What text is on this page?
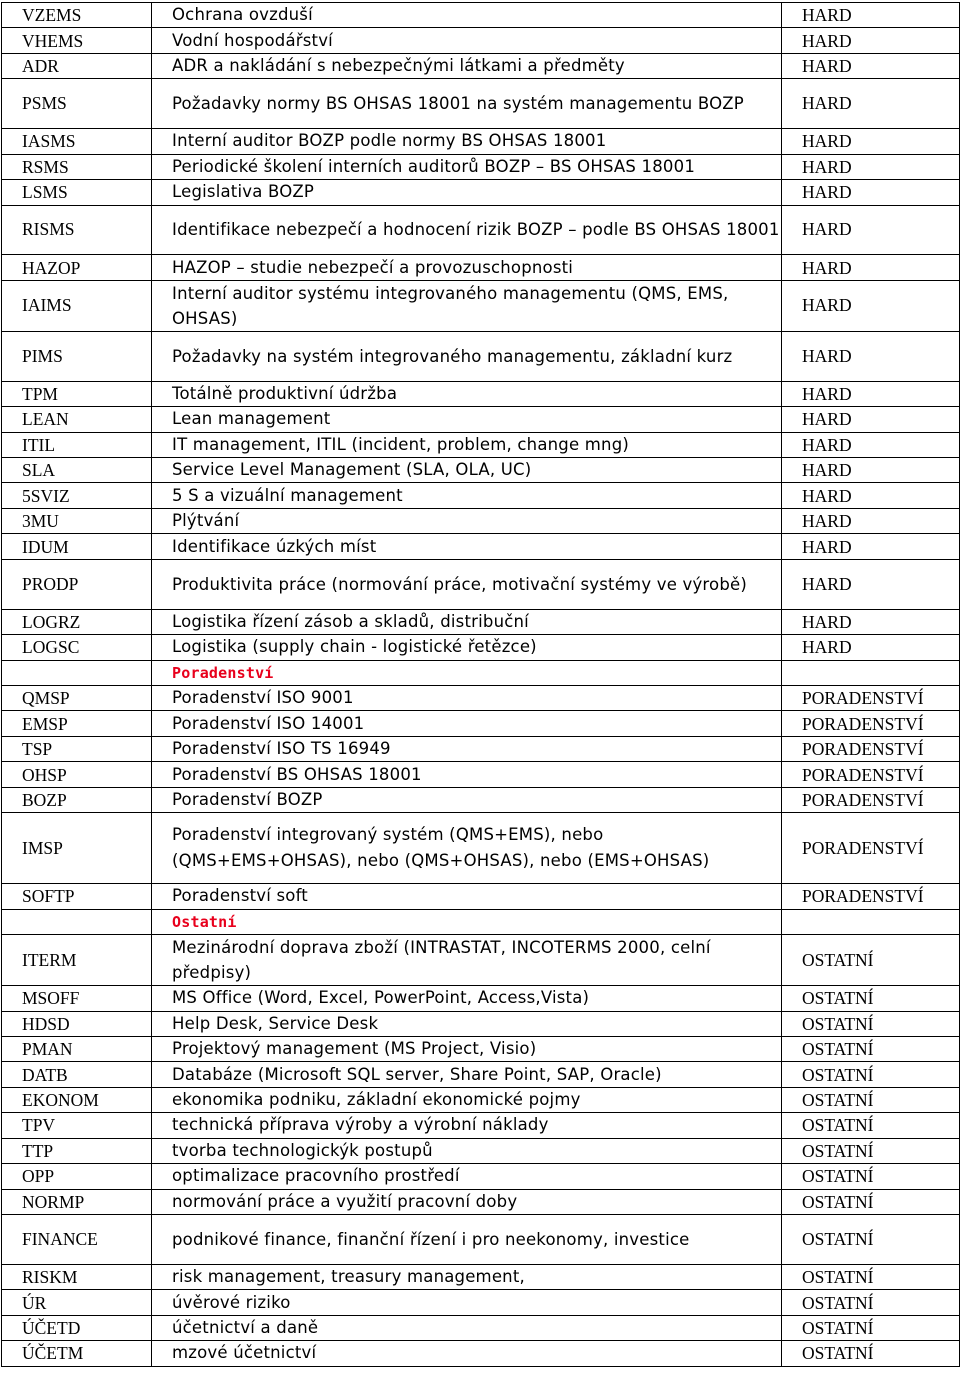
VZEMS	Ochrana ovzduší	HARD
VHEMS	Vodní hospodářství	HARD
ADR	ADR a nakládání s nebezpečnými látkami a předměty	HARD
PSMS	Požadavky normy BS OHSAS 18001 na systém managementu BOZP	HARD
IASMS	Interní auditor BOZP podle normy BS OHSAS 18001	HARD
RSMS	Periodické školení interních auditorů BOZP – BS OHSAS 18001	HARD
LSMS	Legislativa BOZP	HARD
RISMS	Identifikace nebezpečí a hodnocení rizik BOZP – podle BS OHSAS 18001	HARD
HAZOP	HAZOP – studie nebezpečí a provozuschopnosti	HARD
IAIMS	Interní auditor systému integrovaného managementu (QMS, EMS, OHSAS)	HARD
PIMS	Požadavky na systém integrovaného managementu, základní kurz	HARD
TPM	Totálně produktivní údržba	HARD
LEAN	Lean management	HARD
ITIL	IT management, ITIL (incident, problem, change mng)	HARD
SLA	Service Level Management (SLA, OLA, UC)	HARD
5SVIZ	5 S a vizuální management	HARD
3MU	Plýtvání	HARD
IDUM	Identifikace úzkých míst	HARD
PRODP	Produktivita práce (normování práce, motivační systémy ve výrobě)	HARD
LOGRZ	Logistika řízení zásob a skladů, distribuční	HARD
LOGSC	Logistika (supply chain - logistické řetězce)	HARD
	Poradenství	
QMSP	Poradenství ISO 9001	PORADENSTVÍ
EMSP	Poradenství ISO 14001	PORADENSTVÍ
TSP	Poradenství ISO TS 16949	PORADENSTVÍ
OHSP	Poradenství BS OHSAS 18001	PORADENSTVÍ
BOZP	Poradenství BOZP	PORADENSTVÍ
IMSP	Poradenství integrovaný systém (QMS+EMS), nebo (QMS+EMS+OHSAS), nebo (QMS+OHSAS), nebo (EMS+OHSAS)	PORADENSTVÍ
SOFTP	Poradenství soft	PORADENSTVÍ
	Ostatní	
ITERM	Mezinárodní doprava zboží (INTRASTAT, INCOTERMS 2000, celní předpisy)	OSTATNÍ
MSOFF	MS Office (Word, Excel, PowerPoint, Access,Vista)	OSTATNÍ
HDSD	Help Desk, Service Desk	OSTATNÍ
PMAN	Projektový management (MS Project, Visio)	OSTATNÍ
DATB	Databáze (Microsoft SQL server, Share Point, SAP, Oracle)	OSTATNÍ
EKONOM	ekonomika podniku, základní ekonomické pojmy	OSTATNÍ
TPV	technická příprava výroby a výrobní náklady	OSTATNÍ
TTP	tvorba technologickýk postupů	OSTATNÍ
OPP	optimalizace pracovního prostředí	OSTATNÍ
NORMP	normování práce a využití pracovní doby	OSTATNÍ
FINANCE	podnikové finance, finanční řízení i pro neekonomy, investice	OSTATNÍ
RISKM	risk management, treasury management,	OSTATNÍ
ÚR	úvěrové riziko	OSTATNÍ
ÚČETD	účetnictví a daně	OSTATNÍ
ÚČETM	mzové účetnictví	OSTATNÍ
